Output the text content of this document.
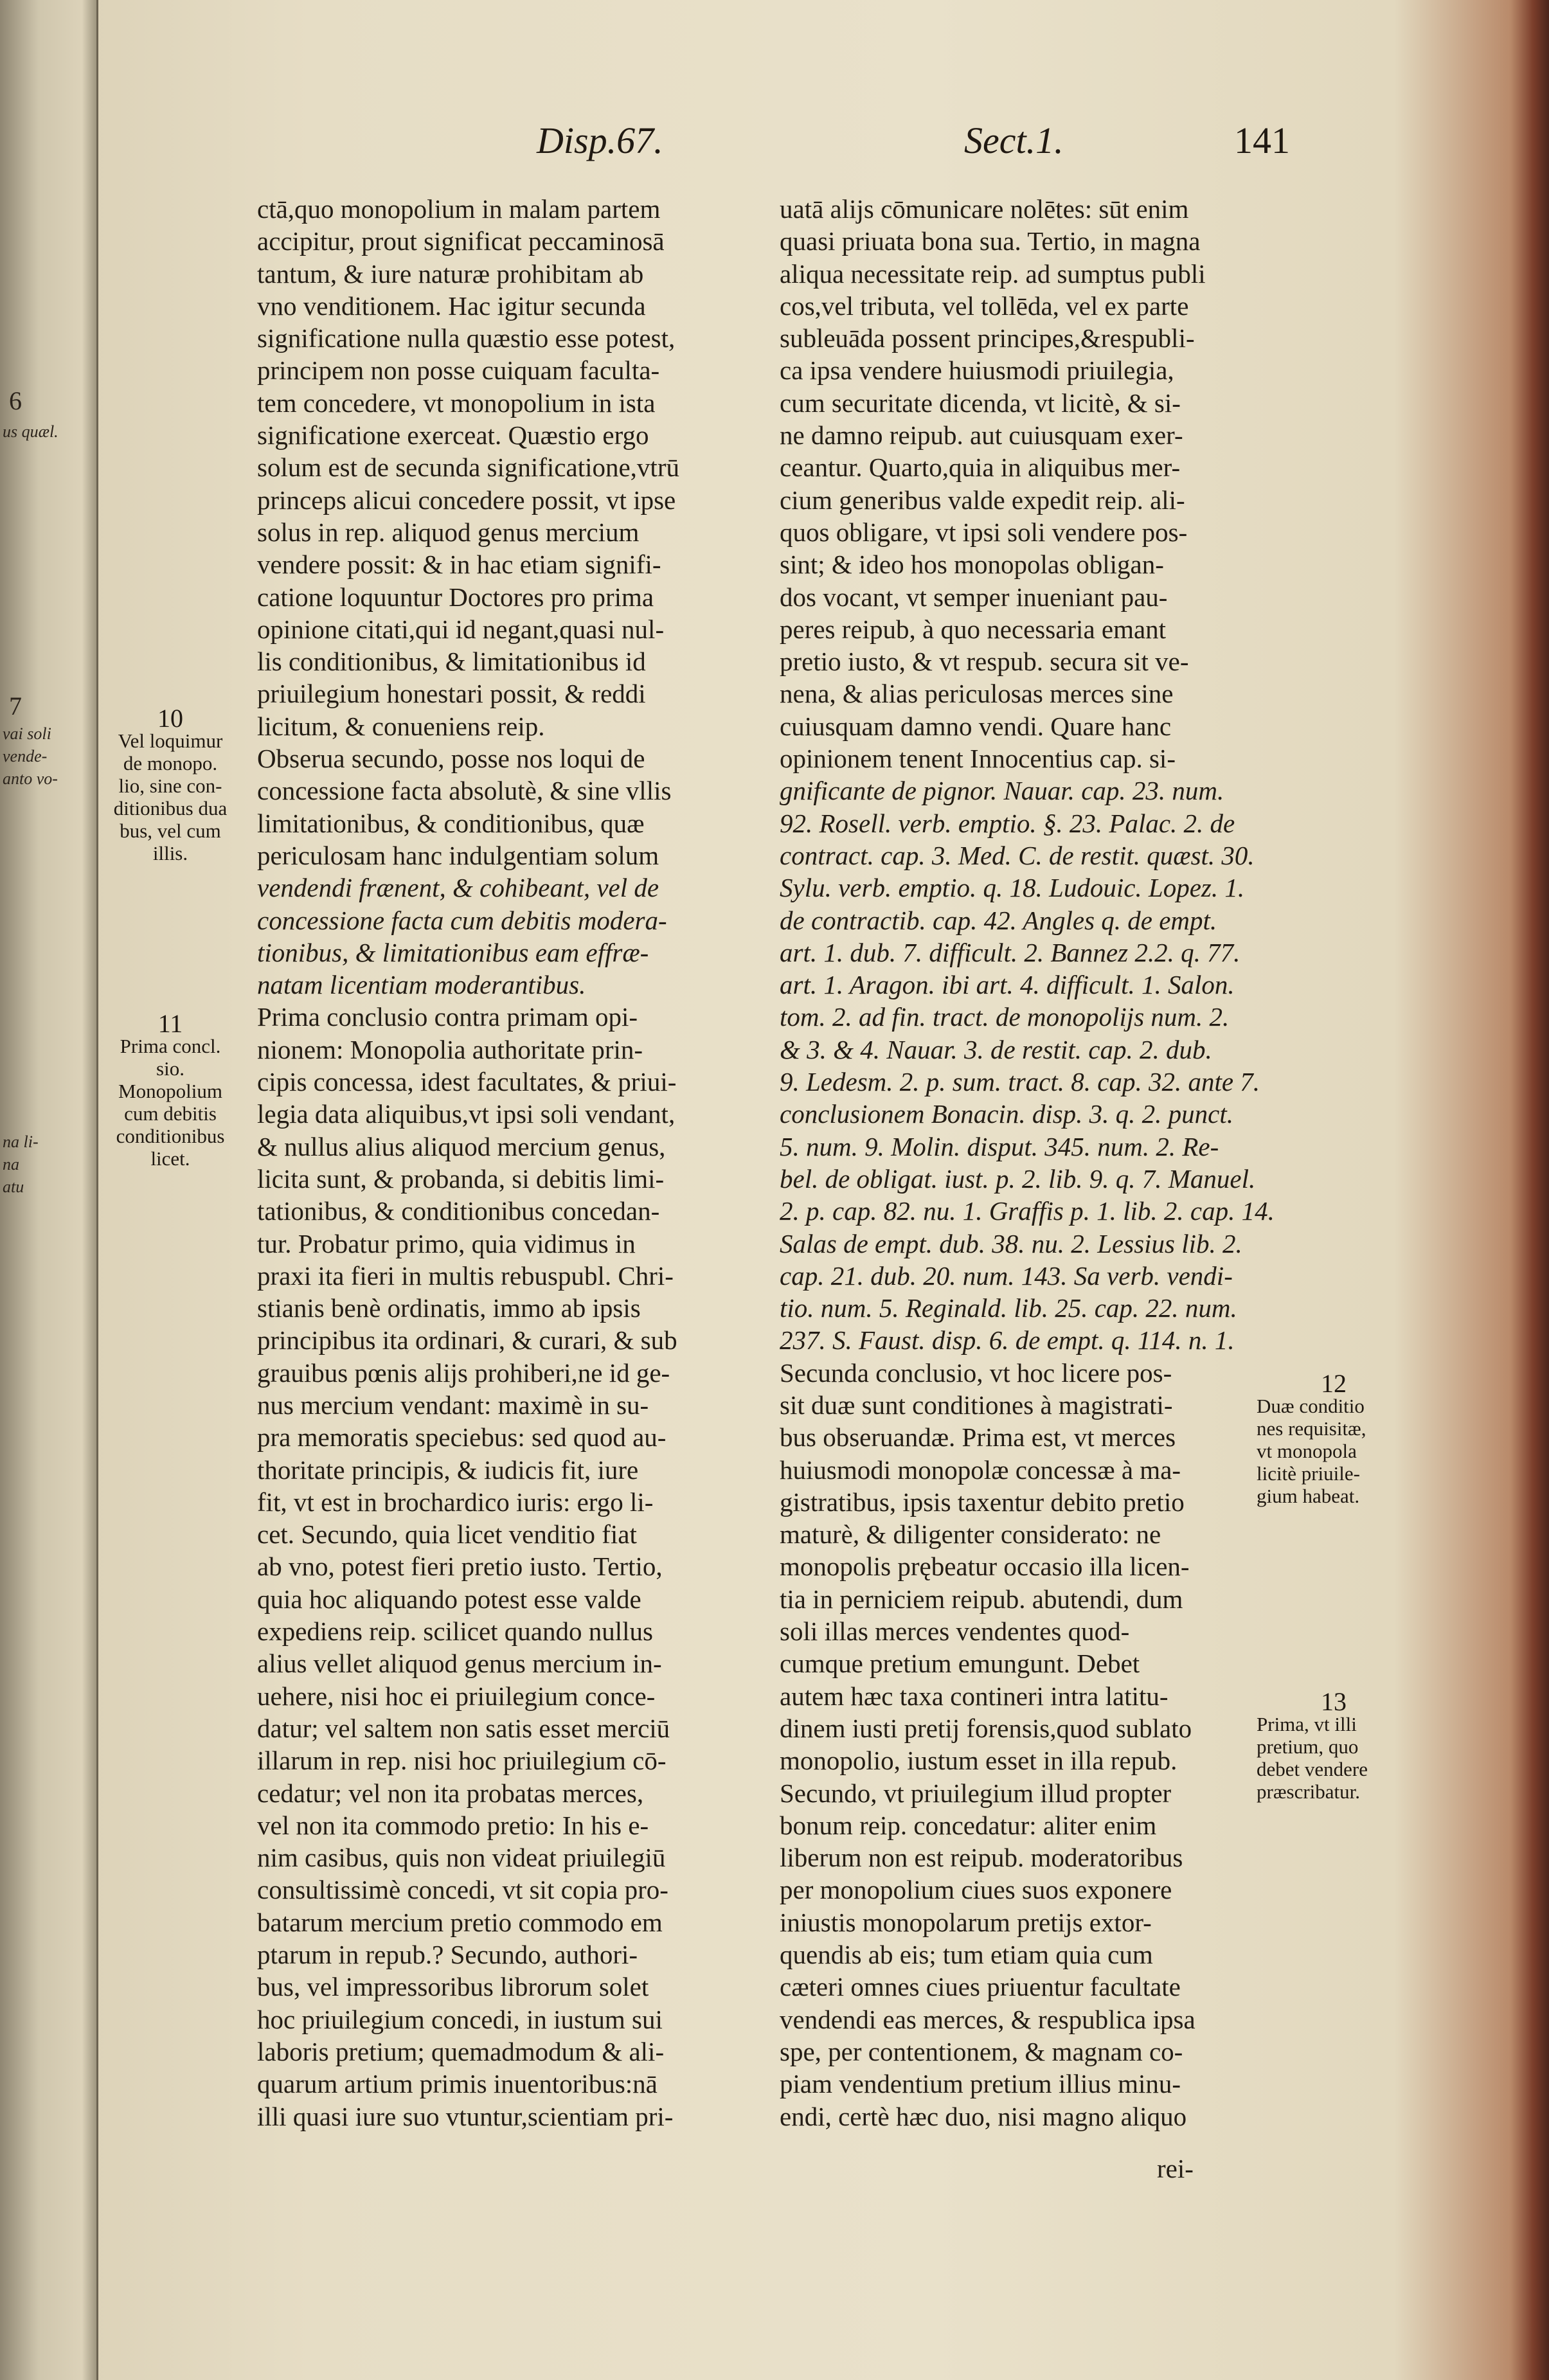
6
us quæl.
7
vai soli
vende-
anto vo-
na li-
na
atu
Disp.67.	Sect.1.	141
ctā,quo monopolium in malam partem
accipitur, prout significat peccaminosā
tantum, & iure naturæ prohibitam ab
vno venditionem. Hac igitur secunda
significatione nulla quæstio esse potest,
principem non posse cuiquam faculta-
tem concedere, vt monopolium in ista
significatione exerceat. Quæstio ergo
solum est de secunda significatione,vtrū
princeps alicui concedere possit, vt ipse
solus in rep. aliquod genus mercium
vendere possit: & in hac etiam signifi-
catione loquuntur Doctores pro prima
opinione citati,qui id negant,quasi nul-
lis conditionibus, & limitationibus id
priuilegium honestari possit, & reddi
licitum, & conueniens reip.
Obserua secundo, posse nos loqui de
concessione facta absolutè, & sine vllis
limitationibus, & conditionibus, quæ
periculosam hanc indulgentiam solum
vendendi frænent, & cohibeant, vel de
concessione facta cum debitis modera-
tionibus, & limitationibus eam effræ-
natam licentiam moderantibus.
Prima conclusio contra primam opi-
nionem: Monopolia authoritate prin-
cipis concessa, idest facultates, & priui-
legia data aliquibus,vt ipsi soli vendant,
& nullus alius aliquod mercium genus,
licita sunt, & probanda, si debitis limi-
tationibus, & conditionibus concedan-
tur. Probatur primo, quia vidimus in
praxi ita fieri in multis rebuspubl. Chri-
stianis benè ordinatis, immo ab ipsis
principibus ita ordinari, & curari, & sub
grauibus pœnis alijs prohiberi,ne id ge-
nus mercium vendant: maximè in su-
pra memoratis speciebus: sed quod au-
thoritate principis, & iudicis fit, iure
fit, vt est in brochardico iuris: ergo li-
cet. Secundo, quia licet venditio fiat
ab vno, potest fieri pretio iusto. Tertio,
quia hoc aliquando potest esse valde
expediens reip. scilicet quando nullus
alius vellet aliquod genus mercium in-
uehere, nisi hoc ei priuilegium conce-
datur; vel saltem non satis esset merciū
illarum in rep. nisi hoc priuilegium cō-
cedatur; vel non ita probatas merces,
vel non ita commodo pretio: In his e-
nim casibus, quis non videat priuilegiū
consultissimè concedi, vt sit copia pro-
batarum mercium pretio commodo em
ptarum in repub.? Secundo, authori-
bus, vel impressoribus librorum solet
hoc priuilegium concedi, in iustum sui
laboris pretium; quemadmodum & ali-
quarum artium primis inuentoribus:nā
illi quasi iure suo vtuntur,scientiam pri-
uatā alijs cōmunicare nolētes: sūt enim
quasi priuata bona sua. Tertio, in magna
aliqua necessitate reip. ad sumptus publi
cos,vel tributa, vel tollēda, vel ex parte
subleuāda possent principes,&respubli-
ca ipsa vendere huiusmodi priuilegia,
cum securitate dicenda, vt licitè, & si-
ne damno reipub. aut cuiusquam exer-
ceantur. Quarto,quia in aliquibus mer-
cium generibus valde expedit reip. ali-
quos obligare, vt ipsi soli vendere pos-
sint; & ideo hos monopolas obligan-
dos vocant, vt semper inueniant pau-
peres reipub, à quo necessaria emant
pretio iusto, & vt respub. secura sit ve-
nena, & alias periculosas merces sine
cuiusquam damno vendi. Quare hanc
opinionem tenent Innocentius cap. si-
gnificante de pignor. Nauar. cap. 23. num.
92. Rosell. verb. emptio. §. 23. Palac. 2. de
contract. cap. 3. Med. C. de restit. quæst. 30.
Sylu. verb. emptio. q. 18. Ludouic. Lopez. 1.
de contractib. cap. 42. Angles q. de empt.
art. 1. dub. 7. difficult. 2. Bannez 2.2. q. 77.
art. 1. Aragon. ibi art. 4. difficult. 1. Salon.
tom. 2. ad fin. tract. de monopolijs num. 2.
& 3. & 4. Nauar. 3. de restit. cap. 2. dub.
9. Ledesm. 2. p. sum. tract. 8. cap. 32. ante 7.
conclusionem Bonacin. disp. 3. q. 2. punct.
5. num. 9. Molin. disput. 345. num. 2. Re-
bel. de obligat. iust. p. 2. lib. 9. q. 7. Manuel.
2. p. cap. 82. nu. 1. Graffis p. 1. lib. 2. cap. 14.
Salas de empt. dub. 38. nu. 2. Lessius lib. 2.
cap. 21. dub. 20. num. 143. Sa verb. vendi-
tio. num. 5. Reginald. lib. 25. cap. 22. num.
237. S. Faust. disp. 6. de empt. q. 114. n. 1.
Secunda conclusio, vt hoc licere pos-
sit duæ sunt conditiones à magistrati-
bus obseruandæ. Prima est, vt merces
huiusmodi monopolæ concessæ à ma-
gistratibus, ipsis taxentur debito pretio
maturè, & diligenter considerato: ne
monopolis prębeatur occasio illa licen-
tia in perniciem reipub. abutendi, dum
soli illas merces vendentes quod-
cumque pretium emungunt. Debet
autem hæc taxa contineri intra latitu-
dinem iusti pretij forensis,quod sublato
monopolio, iustum esset in illa repub.
Secundo, vt priuilegium illud propter
bonum reip. concedatur: aliter enim
liberum non est reipub. moderatoribus
per monopolium ciues suos exponere
iniustis monopolarum pretijs extor-
quendis ab eis; tum etiam quia cum
cæteri omnes ciues priuentur facultate
vendendi eas merces, & respublica ipsa
spe, per contentionem, & magnam co-
piam vendentium pretium illius minu-
endi, certè hæc duo, nisi magno aliquo
rei-
10
Vel loquimur
de monopo.
lio, sine con-
ditionibus dua
bus, vel cum
illis.
11
Prima concl.
sio.
Monopolium
cum debitis
conditionibus
licet.
12
Duæ conditio
nes requisitæ,
vt monopola
licitè priuile-
gium habeat.
13
Prima, vt illi
pretium, quo
debet vendere
præscribatur.
